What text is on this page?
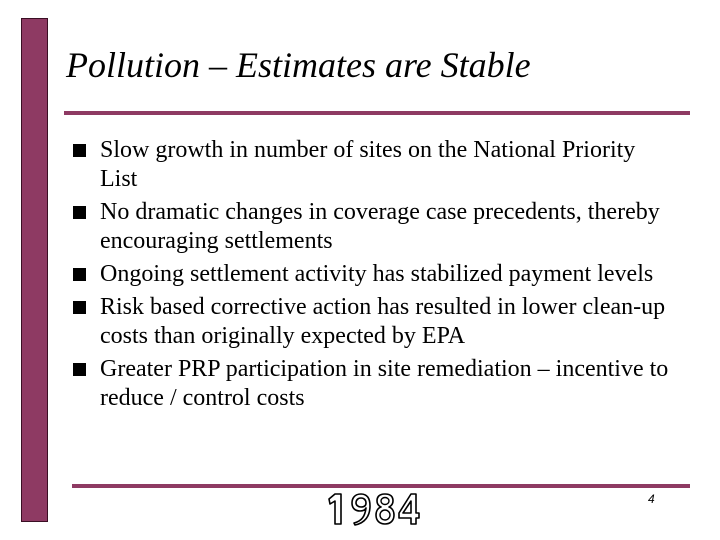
Pollution – Estimates are Stable
Slow growth in number of sites on the National Priority List
No dramatic changes in coverage case precedents, thereby encouraging settlements
Ongoing settlement activity has stabilized payment levels
Risk based corrective action has resulted in lower clean-up costs than originally expected by EPA
Greater PRP participation in site remediation – incentive to reduce / control costs
4
